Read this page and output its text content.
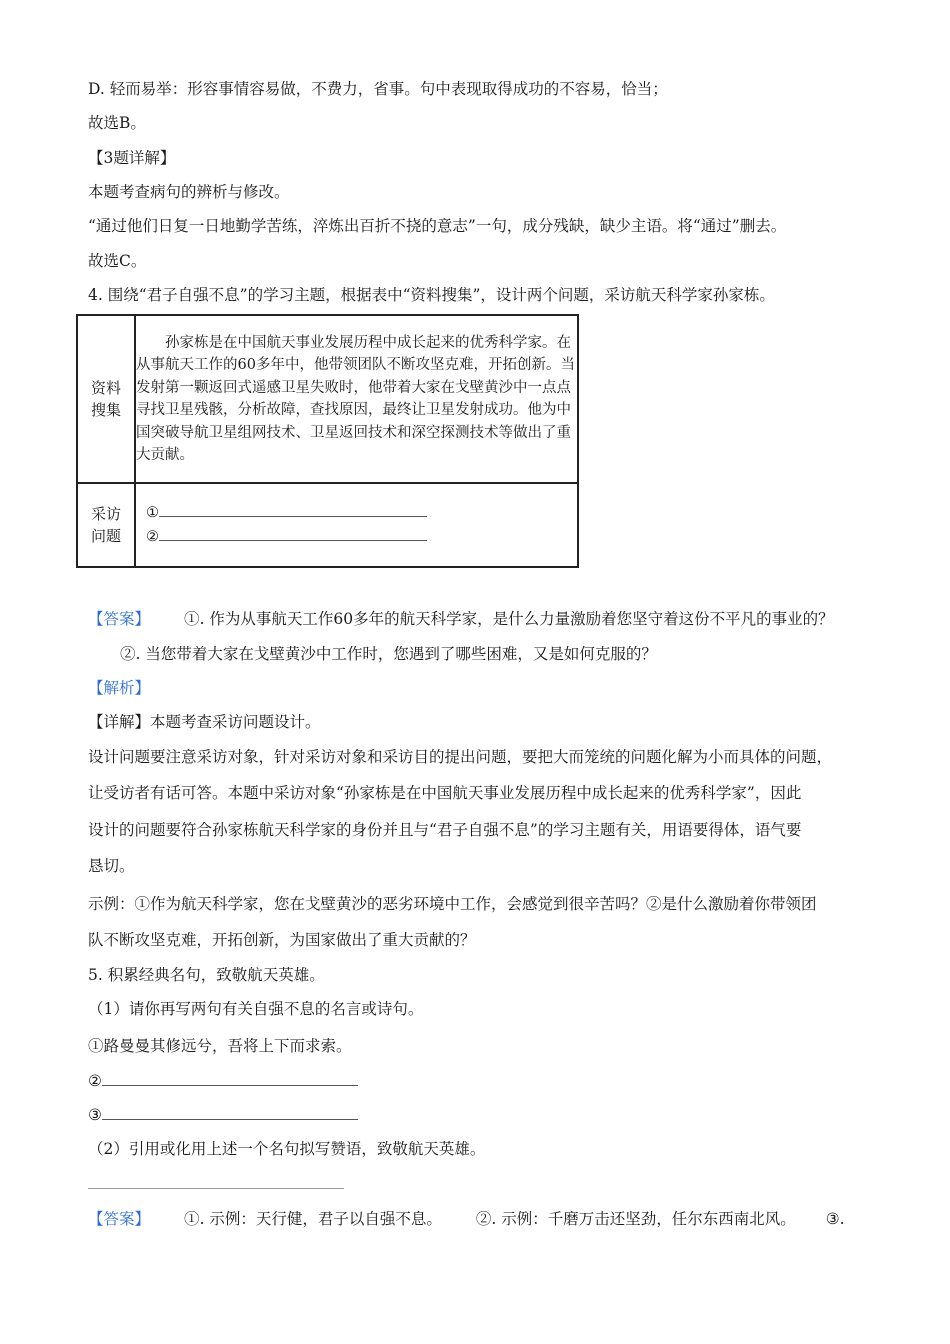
D. 轻而易举：形容事情容易做，不费力，省事。句中表现取得成功的不容易，恰当；
故选B。
【3题详解】
本题考查病句的辨析与修改。
“通过他们日复一日地勤学苦练，淬炼出百折不挠的意志”一句，成分残缺，缺少主语。将“通过”删去。
故选C。
4. 围绕“君子自强不息”的学习主题，根据表中“资料搜集”，设计两个问题，采访航天科学家孙家栋。
资料搜集	孙家栋是在中国航天事业发展历程中成长起来的优秀科学家。在从事航天工作的60多年中，他带领团队不断攻坚克难，开拓创新。当发射第一颗返回式遥感卫星失败时，他带着大家在戈壁黄沙中一点点寻找卫星残骸，分析故障，查找原因，最终让卫星发射成功。他为中国突破导航卫星组网技术、卫星返回技术和深空探测技术等做出了重大贡献。

采访问题	①
②
【答案】 ①. 作为从事航天工作60多年的航天科学家，是什么力量激励着您坚守着这份不平凡的事业的？
②. 当您带着大家在戈壁黄沙中工作时，您遇到了哪些困难，又是如何克服的？
【解析】
【详解】本题考查采访问题设计。
设计问题要注意采访对象，针对采访对象和采访目的提出问题，要把大而笼统的问题化解为小而具体的问题，
让受访者有话可答。本题中采访对象“孙家栋是在中国航天事业发展历程中成长起来的优秀科学家”，因此
设计的问题要符合孙家栋航天科学家的身份并且与“君子自强不息”的学习主题有关，用语要得体，语气要
恳切。
示例：①作为航天科学家，您在戈壁黄沙的恶劣环境中工作，会感觉到很辛苦吗？②是什么激励着你带领团
队不断攻坚克难，开拓创新，为国家做出了重大贡献的？
5. 积累经典名句，致敬航天英雄。
（1）请你再写两句有关自强不息的名言或诗句。
①路曼曼其修远兮，吾将上下而求索。
②
③
（2）引用或化用上述一个名句拟写赞语，致敬航天英雄。
【答案】 ①. 示例：天行健，君子以自强不息。 ②. 示例：千磨万击还坚劲，任尔东西南北风。 ③.
